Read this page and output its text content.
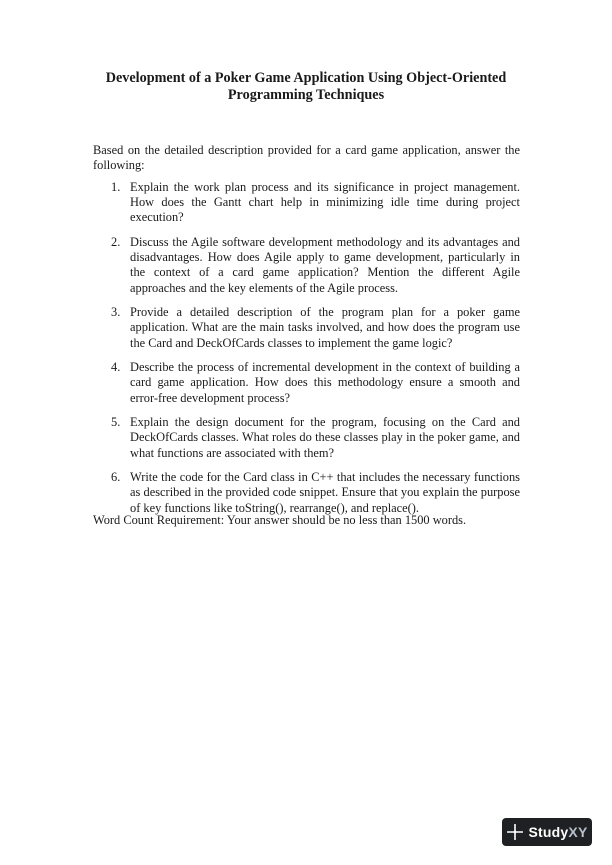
Development of a Poker Game Application Using Object-Oriented Programming Techniques
Based on the detailed description provided for a card game application, answer the following:
1. Explain the work plan process and its significance in project management. How does the Gantt chart help in minimizing idle time during project execution?
2. Discuss the Agile software development methodology and its advantages and disadvantages. How does Agile apply to game development, particularly in the context of a card game application? Mention the different Agile approaches and the key elements of the Agile process.
3. Provide a detailed description of the program plan for a poker game application. What are the main tasks involved, and how does the program use the Card and DeckOfCards classes to implement the game logic?
4. Describe the process of incremental development in the context of building a card game application. How does this methodology ensure a smooth and error-free development process?
5. Explain the design document for the program, focusing on the Card and DeckOfCards classes. What roles do these classes play in the poker game, and what functions are associated with them?
6. Write the code for the Card class in C++ that includes the necessary functions as described in the provided code snippet. Ensure that you explain the purpose of key functions like toString(), rearrange(), and replace().
Word Count Requirement: Your answer should be no less than 1500 words.
StudyXY
